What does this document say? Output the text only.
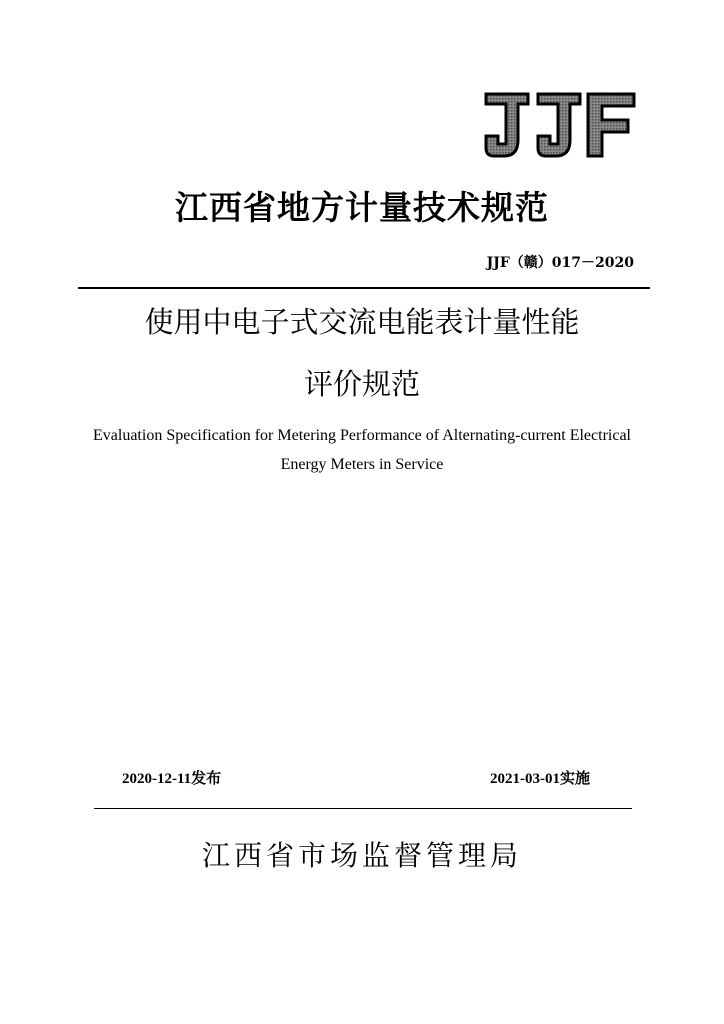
江西省地方计量技术规范
JJF（赣）017－2020
使用中电子式交流电能表计量性能
评价规范
Evaluation Specification for Metering Performance of Alternating-current Electrical
Energy Meters in Service
2020-12-11发布	2021-03-01实施
江西省市场监督管理局
